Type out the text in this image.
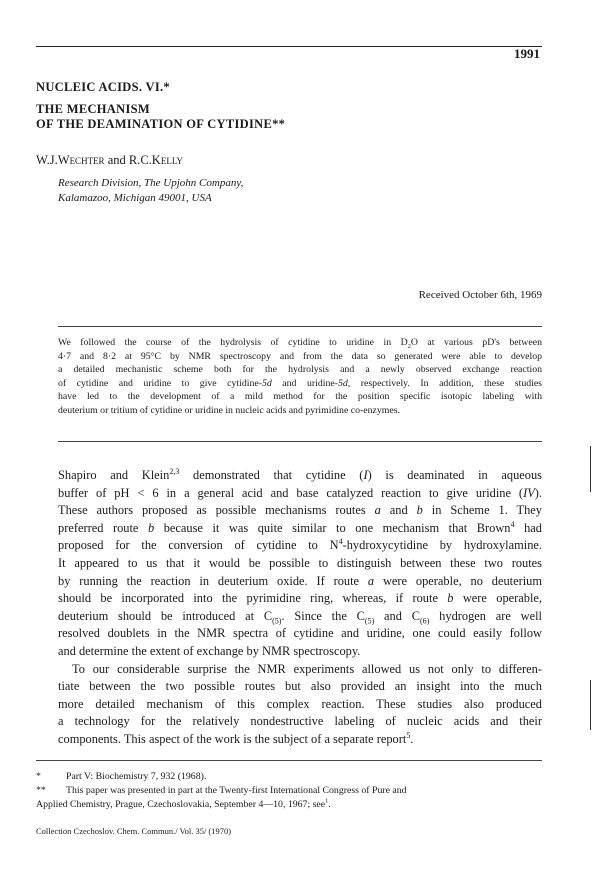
1991
NUCLEIC ACIDS. VI.*
THE MECHANISM
OF THE DEAMINATION OF CYTIDINE**
W.J.Wechter and R.C.Kelly
Research Division, The Upjohn Company,
Kalamazoo, Michigan 49001, USA
Received October 6th, 1969
We followed the course of the hydrolysis of cytidine to uridine in $D_2O$ at various pD's between
4·7 and 8·2 at 95°C by NMR spectroscopy and from the data so generated were able to develop
a detailed mechanistic scheme both for the hydrolysis and a newly observed exchange reaction
of cytidine and uridine to give cytidine-5d and uridine-5d, respectively. In addition, these studies
have led to the development of a mild method for the position specific isotopic labeling with
deuterium or tritium of cytidine or uridine in nucleic acids and pyrimidine co-enzymes.
Shapiro and Klein$^{2,3}$ demonstrated that cytidine (I) is deaminated in aqueous
buffer of pH < 6 in a general acid and base catalyzed reaction to give uridine (IV).
These authors proposed as possible mechanisms routes a and b in Scheme 1. They
preferred route b because it was quite similar to one mechanism that Brown$^4$ had
proposed for the conversion of cytidine to $N^4$-hydroxycytidine by hydroxylamine.
It appeared to us that it would be possible to distinguish between these two routes
by running the reaction in deuterium oxide. If route a were operable, no deuterium
should be incorporated into the pyrimidine ring, whereas, if route b were operable,
deuterium should be introduced at $C_{(5)}$. Since the $C_{(5)}$ and $C_{(6)}$ hydrogen are well
resolved doublets in the NMR spectra of cytidine and uridine, one could easily follow
and determine the extent of exchange by NMR spectroscopy.
To our considerable surprise the NMR experiments allowed us not only to differen-
tiate between the two possible routes but also provided an insight into the much
more detailed mechanism of this complex reaction. These studies also produced
a technology for the relatively nondestructive labeling of nucleic acids and their
components. This aspect of the work is the subject of a separate report$^5$.
*	Part V: Biochemistry 7, 932 (1968).
** This paper was presented in part at the Twenty-first International Congress of Pure and
Applied Chemistry, Prague, Czechoslovakia, September 4—10, 1967; see$^1$.
Collection Czechoslov. Chem. Commun./ Vol. 35/ (1970)
